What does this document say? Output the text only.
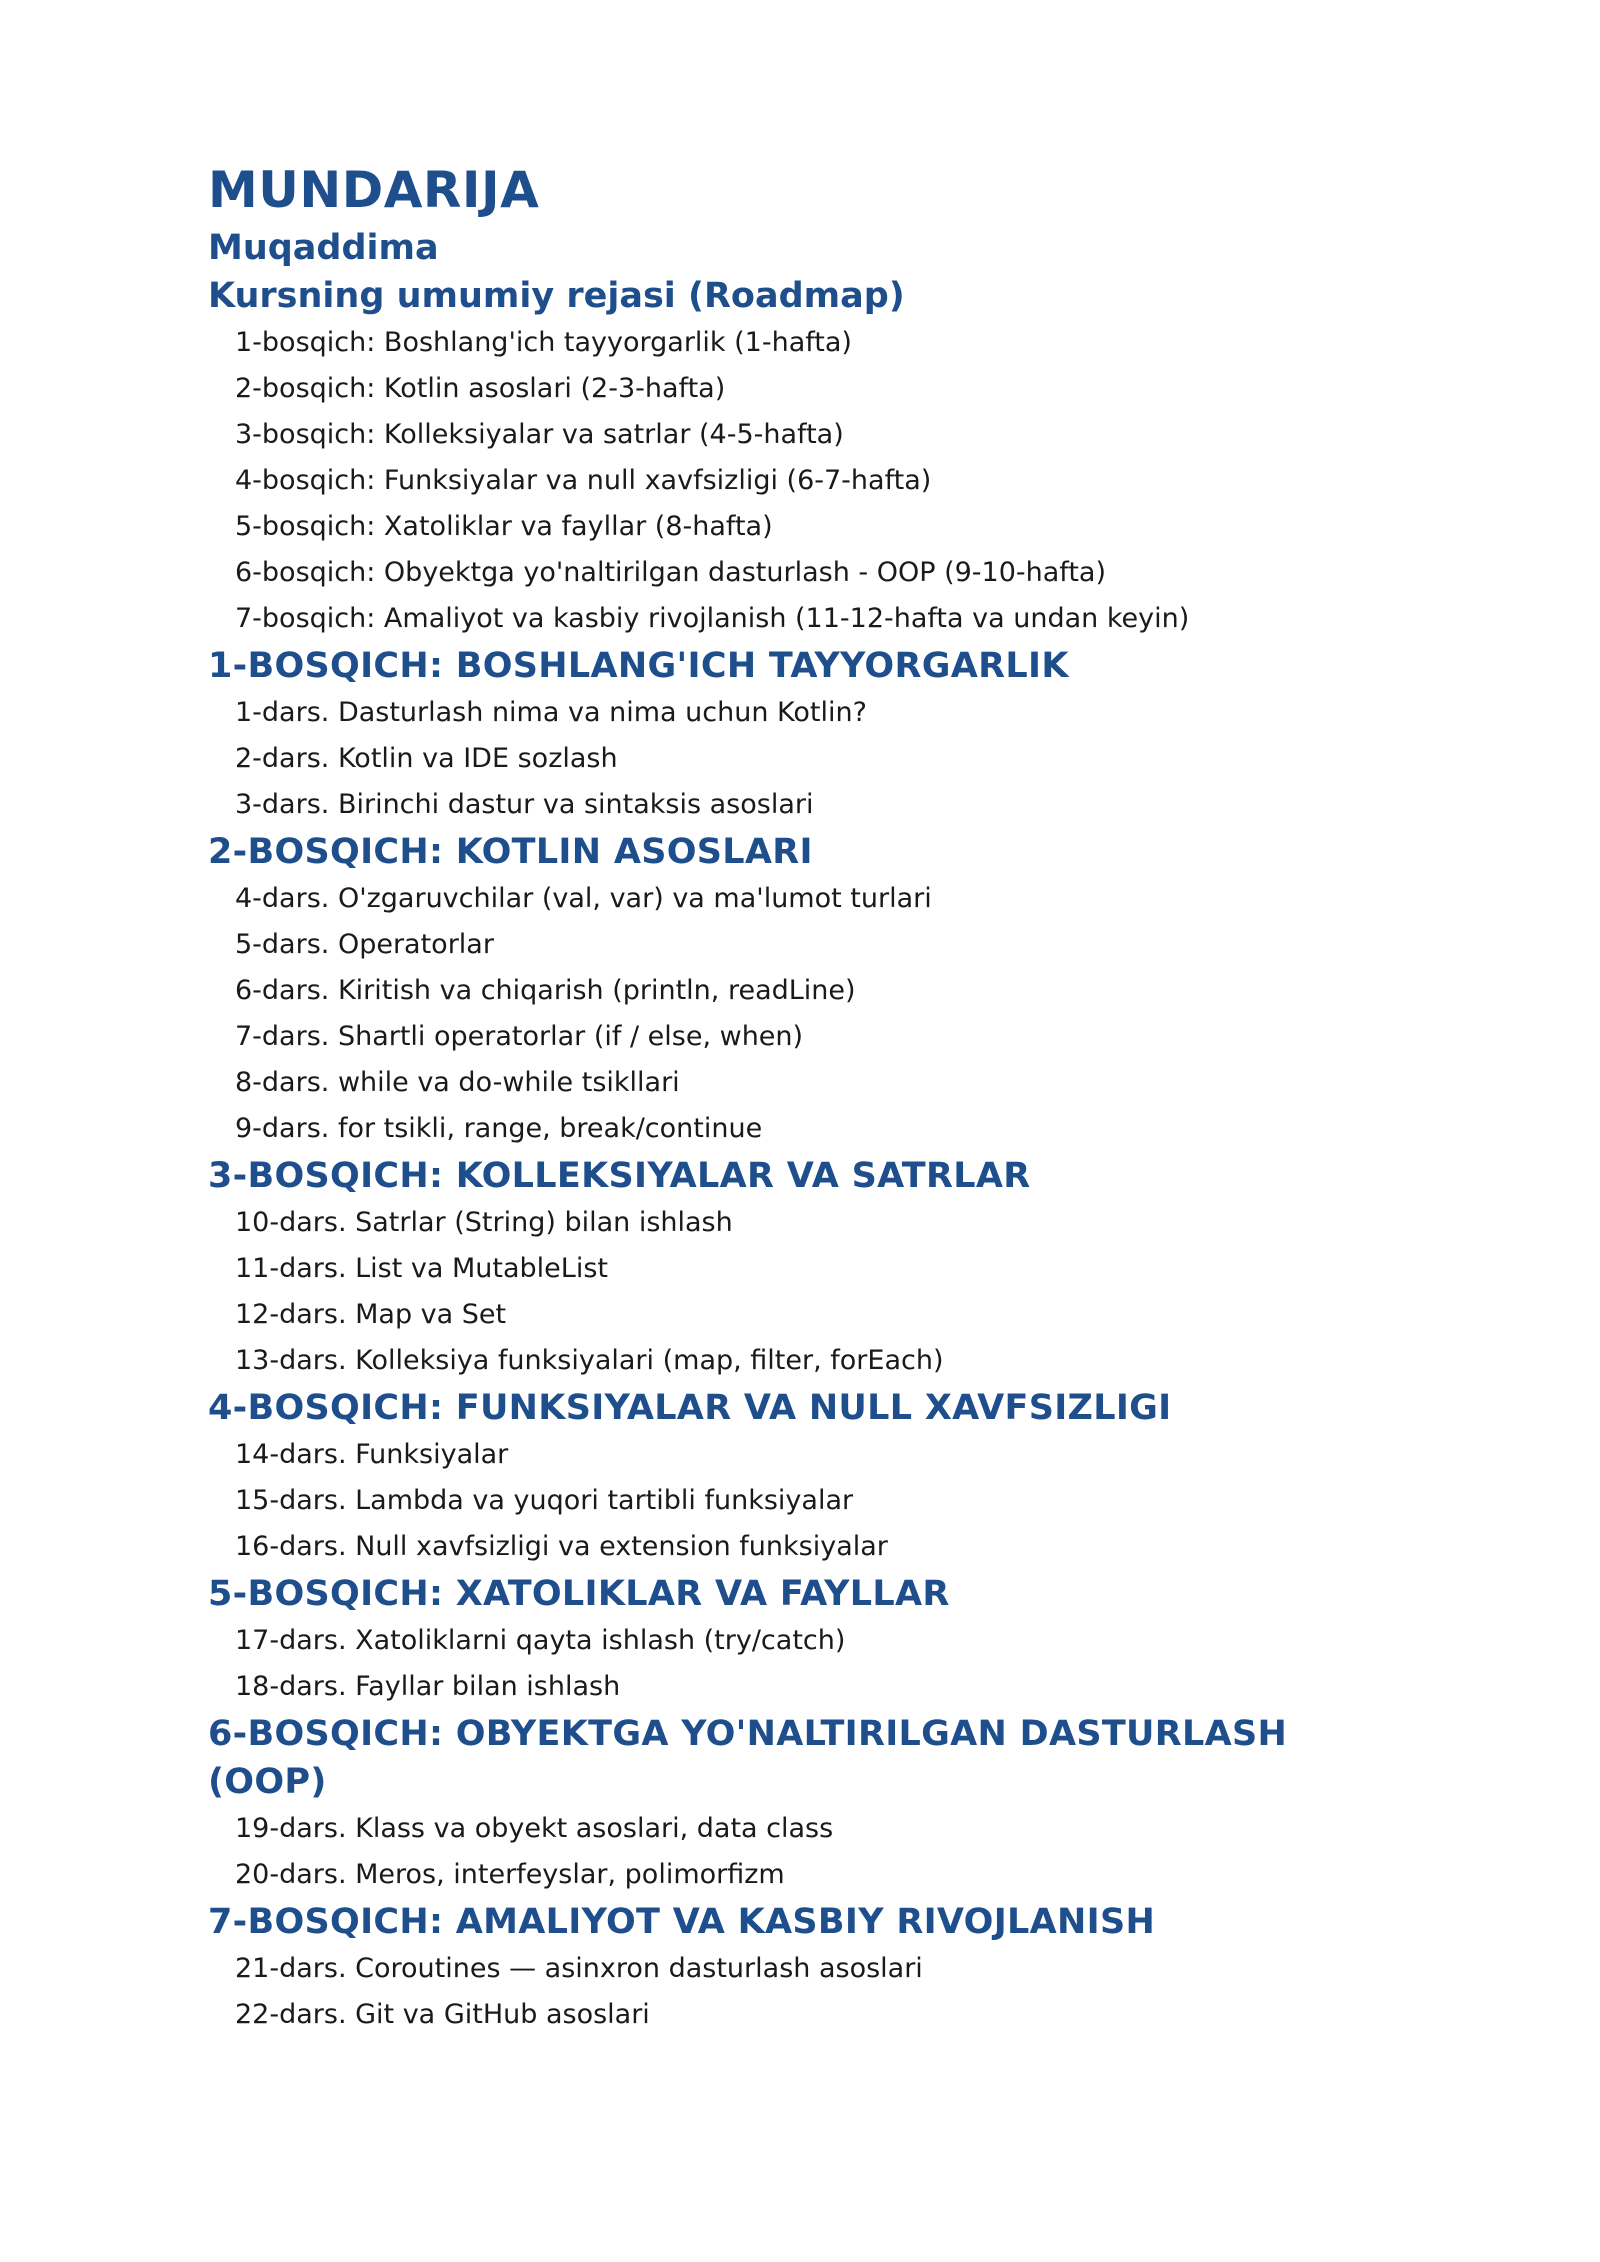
MUNDARIJA
Muqaddima
Kursning umumiy rejasi (Roadmap)
1-bosqich: Boshlang'ich tayyorgarlik (1-hafta)
2-bosqich: Kotlin asoslari (2-3-hafta)
3-bosqich: Kolleksiyalar va satrlar (4-5-hafta)
4-bosqich: Funksiyalar va null xavfsizligi (6-7-hafta)
5-bosqich: Xatoliklar va fayllar (8-hafta)
6-bosqich: Obyektga yo'naltirilgan dasturlash - OOP (9-10-hafta)
7-bosqich: Amaliyot va kasbiy rivojlanish (11-12-hafta va undan keyin)
1-BOSQICH: BOSHLANG'ICH TAYYORGARLIK
1-dars. Dasturlash nima va nima uchun Kotlin?
2-dars. Kotlin va IDE sozlash
3-dars. Birinchi dastur va sintaksis asoslari
2-BOSQICH: KOTLIN ASOSLARI
4-dars. O'zgaruvchilar (val, var) va ma'lumot turlari
5-dars. Operatorlar
6-dars. Kiritish va chiqarish (println, readLine)
7-dars. Shartli operatorlar (if / else, when)
8-dars. while va do-while tsikllari
9-dars. for tsikli, range, break/continue
3-BOSQICH: KOLLEKSIYALAR VA SATRLAR
10-dars. Satrlar (String) bilan ishlash
11-dars. List va MutableList
12-dars. Map va Set
13-dars. Kolleksiya funksiyalari (map, filter, forEach)
4-BOSQICH: FUNKSIYALAR VA NULL XAVFSIZLIGI
14-dars. Funksiyalar
15-dars. Lambda va yuqori tartibli funksiyalar
16-dars. Null xavfsizligi va extension funksiyalar
5-BOSQICH: XATOLIKLAR VA FAYLLAR
17-dars. Xatoliklarni qayta ishlash (try/catch)
18-dars. Fayllar bilan ishlash
6-BOSQICH: OBYEKTGA YO'NALTIRILGAN DASTURLASH (OOP)
19-dars. Klass va obyekt asoslari, data class
20-dars. Meros, interfeyslar, polimorfizm
7-BOSQICH: AMALIYOT VA KASBIY RIVOJLANISH
21-dars. Coroutines — asinxron dasturlash asoslari
22-dars. Git va GitHub asoslari
